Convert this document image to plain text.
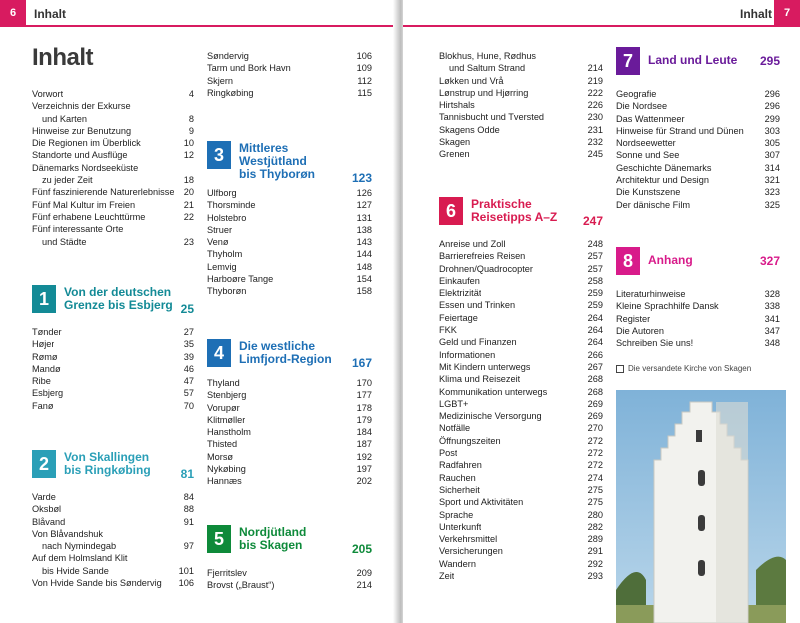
6	Inhalt
Inhalt
Vorwort	4
Verzeichnis der Exkurse
und Karten	8
Hinweise zur Benutzung	9
Die Regionen im Überblick	10
Standorte und Ausflüge	12
Dänemarks Nordseeküste
zu jeder Zeit	18
Fünf faszinierende Naturerlebnisse	20
Fünf Mal Kultur im Freien	21
Fünf erhabene Leuchttürme	22
Fünf interessante Orte
und Städte	23
1	Von der deutschen
Grenze bis Esbjerg 25
Tønder	27
Højer	35
Rømø	39
Mandø	46
Ribe	47
Esbjerg	57
Fanø	70
2	Von Skallingen
bis Ringkøbing 81
Varde	84
Oksbøl	88
Blåvand	91
Von Blåvandshuk
nach Nymindegab	97
Auf dem Holmsland Klit
bis Hvide Sande	101
Von Hvide Sande bis Søndervig	106
Søndervig	106
Tarm und Bork Havn	109
Skjern	112
Ringkøbing	115
3	Mittleres
Westjütland
bis Thyborøn	123
Ulfborg	126
Thorsminde	127
Holstebro	131
Struer	138
Venø	143
Thyholm	144
Lemvig	148
Harboøre Tange	154
Thyborøn	158
4	Die westliche
Limfjord-Region 167
Thyland	170
Stenbjerg	177
Vorupør	178
Klitmøller	179
Hanstholm	184
Thisted	187
Morsø	192
Nykøbing	197
Hannæs	202
5	Nordjütland
bis Skagen	205
Fjerritslev	209
Brovst („Braust“)	214
7
Inhalt
Blokhus, Hune, Rødhus
und Saltum Strand	214
Løkken und Vrå	219
Lønstrup und Hjørring	222
Hirtshals	226
Tannisbucht und Tversted	230
Skagens Odde	231
Skagen	232
Grenen	245
6	Praktische
Reisetipps A–Z 247
Anreise und Zoll	248
Barrierefreies Reisen	257
Drohnen/Quadrocopter	257
Einkaufen	258
Elektrizität	259
Essen und Trinken	259
Feiertage	264
FKK	264
Geld und Finanzen	264
Informationen	266
Mit Kindern unterwegs	267
Klima und Reisezeit	268
Kommunikation unterwegs	268
LGBT+	269
Medizinische Versorgung	269
Notfälle	270
Öffnungszeiten	272
Post	272
Radfahren	272
Rauchen	274
Sicherheit	275
Sport und Aktivitäten	275
Sprache	280
Unterkunft	282
Verkehrsmittel	289
Versicherungen	291
Wandern	292
Zeit	293
7	Land und Leute 295
Geografie	296
Die Nordsee	296
Das Wattenmeer	299
Hinweise für Strand und Dünen	303
Nordseewetter	305
Sonne und See	307
Geschichte Dänemarks	314
Architektur und Design	321
Die Kunstszene	323
Der dänische Film	325
8	Anhang	327
Literaturhinweise	328
Kleine Sprachhilfe Dansk	338
Register	341
Die Autoren	347
Schreiben Sie uns!	348
Die versandete Kirche von Skagen
